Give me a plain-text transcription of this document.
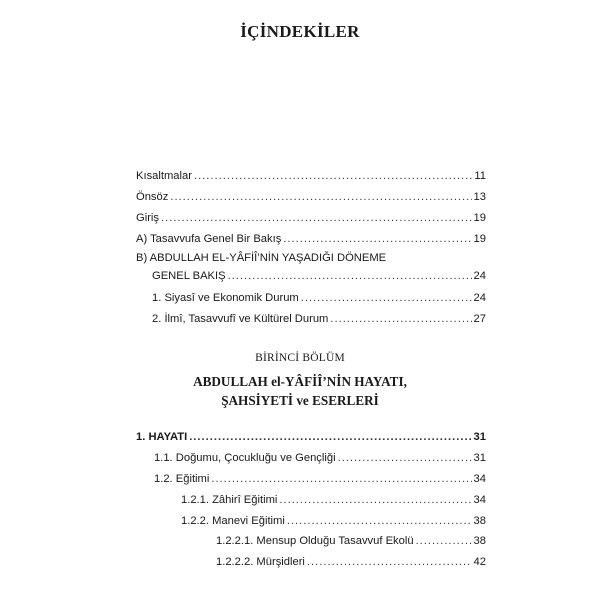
İÇİNDEKİLER
Kısaltmalar .....	11
Önsöz .....	13
Giriş .....	19
A) Tasavvufa Genel Bir Bakış .....	19
B) ABDULLAH EL-YÂFİÎ’NİN YAŞADIĞI DÖNEME
GENEL BAKIŞ .....	24
1. Siyasî ve Ekonomik Durum .....	24
2. İlmî, Tasavvufî ve Kültürel Durum .....	27
BİRİNCİ BÖLÜM
ABDULLAH el-YÂFİÎ’NİN HAYATI,
ŞAHSİYETİ ve ESERLERİ
1. HAYATI .....	31
1.1. Doğumu, Çocukluğu ve Gençliği .....	31
1.2. Eğitimi .....	34
1.2.1. Zâhirî Eğitimi .....	34
1.2.2. Manevi Eğitimi .....	38
1.2.2.1. Mensup Olduğu Tasavvuf Ekolü .....	38
1.2.2.2. Mürşidleri .....	42
